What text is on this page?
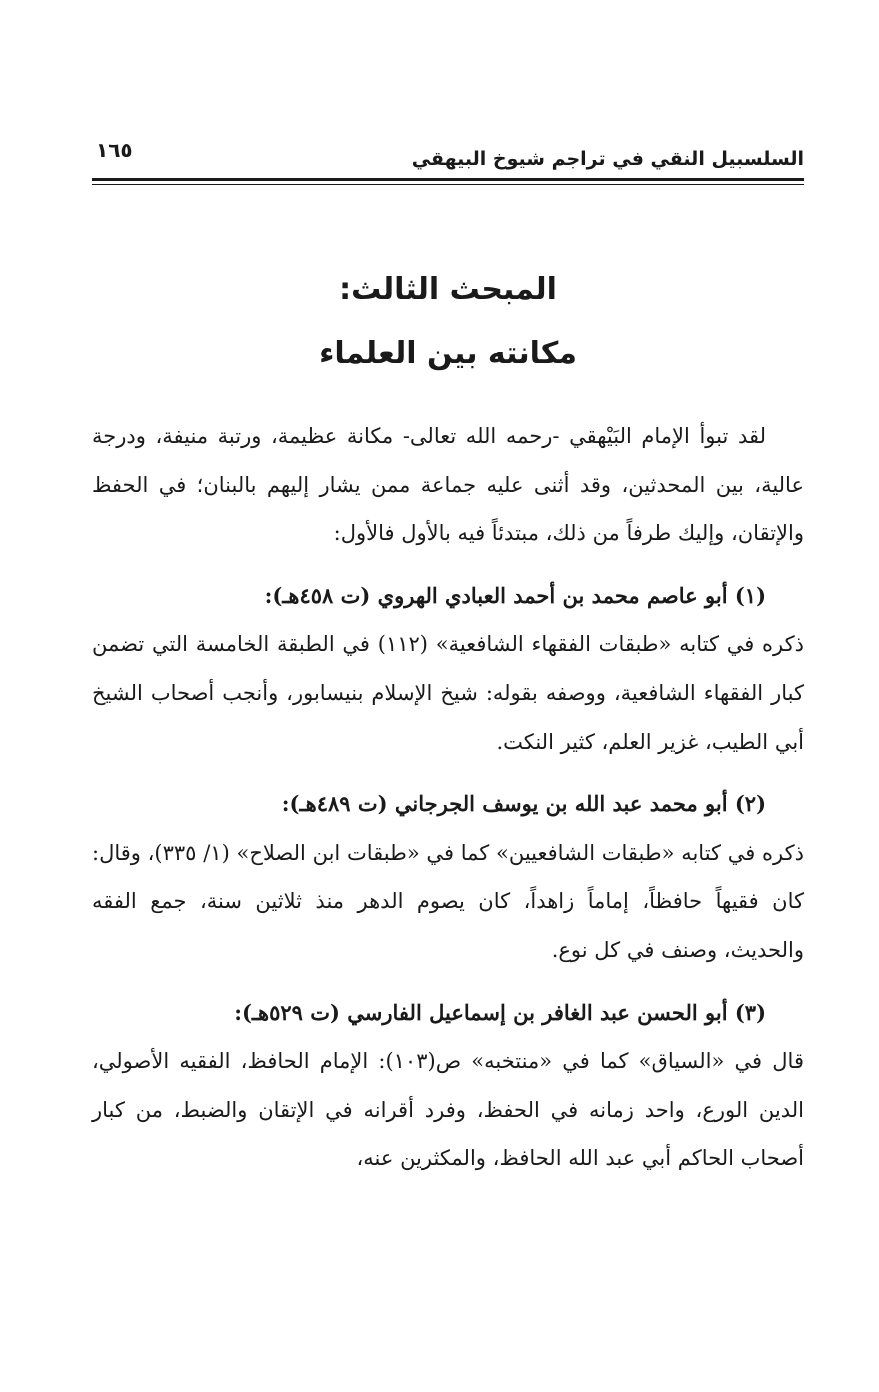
السلسبيل النقي في تراجم شيوخ البيهقي
١٦٥
المبحث الثالث:
مكانته بين العلماء

لقد تبوأ الإمام البَيْهقي -رحمه الله تعالى- مكانة عظيمة، ورتبة منيفة، ودرجة عالية، بين المحدثين، وقد أثنى عليه جماعة ممن يشار إليهم بالبنان؛ في الحفظ والإتقان، وإليك طرفاً من ذلك، مبتدئاً فيه بالأول فالأول:

(١) أبو عاصم محمد بن أحمد العبادي الهروي (ت ٤٥٨هـ):

ذكره في كتابه «طبقات الفقهاء الشافعية» (١١٢) في الطبقة الخامسة التي تضمن كبار الفقهاء الشافعية، ووصفه بقوله: شيخ الإسلام بنيسابور، وأنجب أصحاب الشيخ أبي الطيب، غزير العلم، كثير النكت.

(٢) أبو محمد عبد الله بن يوسف الجرجاني (ت ٤٨٩هـ):

ذكره في كتابه «طبقات الشافعيين» كما في «طبقات ابن الصلاح» (١/ ٣٣٥)، وقال: كان فقيهاً حافظاً، إماماً زاهداً، كان يصوم الدهر منذ ثلاثين سنة، جمع الفقه والحديث، وصنف في كل نوع.

(٣) أبو الحسن عبد الغافر بن إسماعيل الفارسي (ت ٥٢٩هـ):

قال في «السياق» كما في «منتخبه» ص(١٠٣): الإمام الحافظ، الفقيه الأصولي، الدين الورع، واحد زمانه في الحفظ، وفرد أقرانه في الإتقان والضبط، من كبار أصحاب الحاكم أبي عبد الله الحافظ، والمكثرين عنه،
